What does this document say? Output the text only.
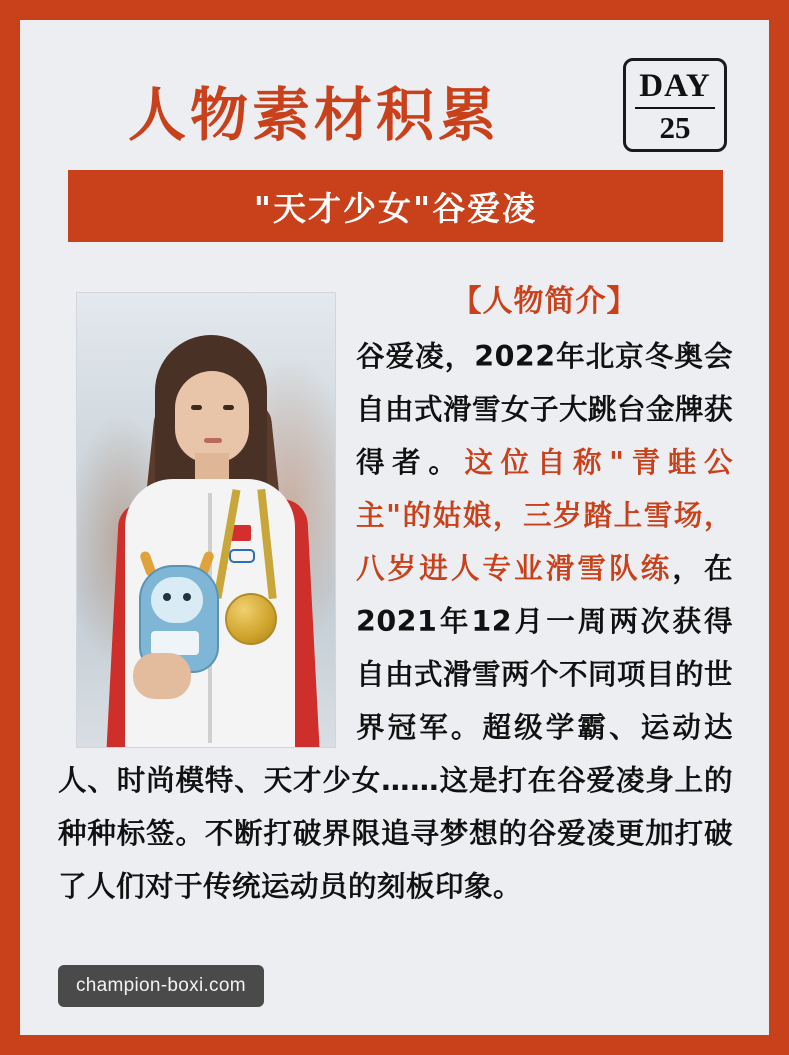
人物素材积累	DAY
25
"天才少女"谷爱凌
【人物简介】
谷爱凌，2022年北京冬奥会自由式滑雪女子大跳台金牌获得者。这位自称"青蛙公主"的姑娘，三岁踏上雪场，八岁进人专业滑雪队练，在2021年12月一周两次获得自由式滑雪两个不同项目的世界冠军。超级学霸、运动达人、时尚模特、天才少女……这是打在谷爱凌身上的种种标签。不断打破界限追寻梦想的谷爱凌更加打破了人们对于传统运动员的刻板印象。
champion-boxi.com
